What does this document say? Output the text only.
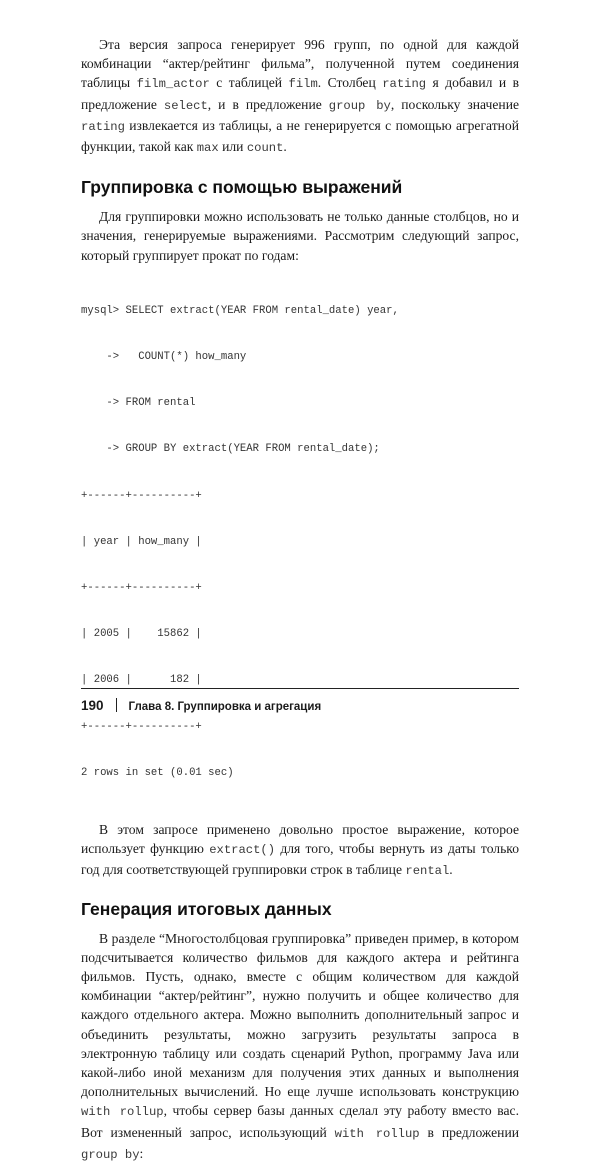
Эта версия запроса генерирует 996 групп, по одной для каждой комбинации “актер/рейтинг фильма”, полученной путем соединения таблицы film_actor с таблицей film. Столбец rating я добавил и в предложение select, и в предложение group by, поскольку значение rating извлекается из таблицы, а не генерируется с помощью агрегатной функции, такой как max или count.

Группировка с помощью выражений

Для группировки можно использовать не только данные столбцов, но и значения, генерируемые выражениями. Рассмотрим следующий запрос, который группирует прокат по годам:

mysql> SELECT extract(YEAR FROM rental_date) year,

->   COUNT(*) how_many

-> FROM rental

-> GROUP BY extract(YEAR FROM rental_date);

+------+----------+

| year | how_many |

+------+----------+

| 2005 |    15862 |

| 2006 |      182 |

+------+----------+

2 rows in set (0.01 sec)

В этом запросе применено довольно простое выражение, которое использует функцию extract() для того, чтобы вернуть из даты только год для соответствующей группировки строк в таблице rental.

Генерация итоговых данных

В разделе “Многостолбцовая группировка” приведен пример, в котором подсчитывается количество фильмов для каждого актера и рейтинга фильмов. Пусть, однако, вместе с общим количеством для каждой комбинации “актер/рейтинг”, нужно получить и общее количество для каждого отдельного актера. Можно выполнить дополнительный запрос и объединить результаты, можно загрузить результаты запроса в электронную таблицу или создать сценарий Python, программу Java или какой-либо иной механизм для получения этих данных и выполнения дополнительных вычислений. Но еще лучше использовать конструкцию with rollup, чтобы сервер базы данных сделал эту работу вместо вас. Вот измененный запрос, использующий with rollup в предложении group by:

190 Глава 8. Группировка и агрегация
